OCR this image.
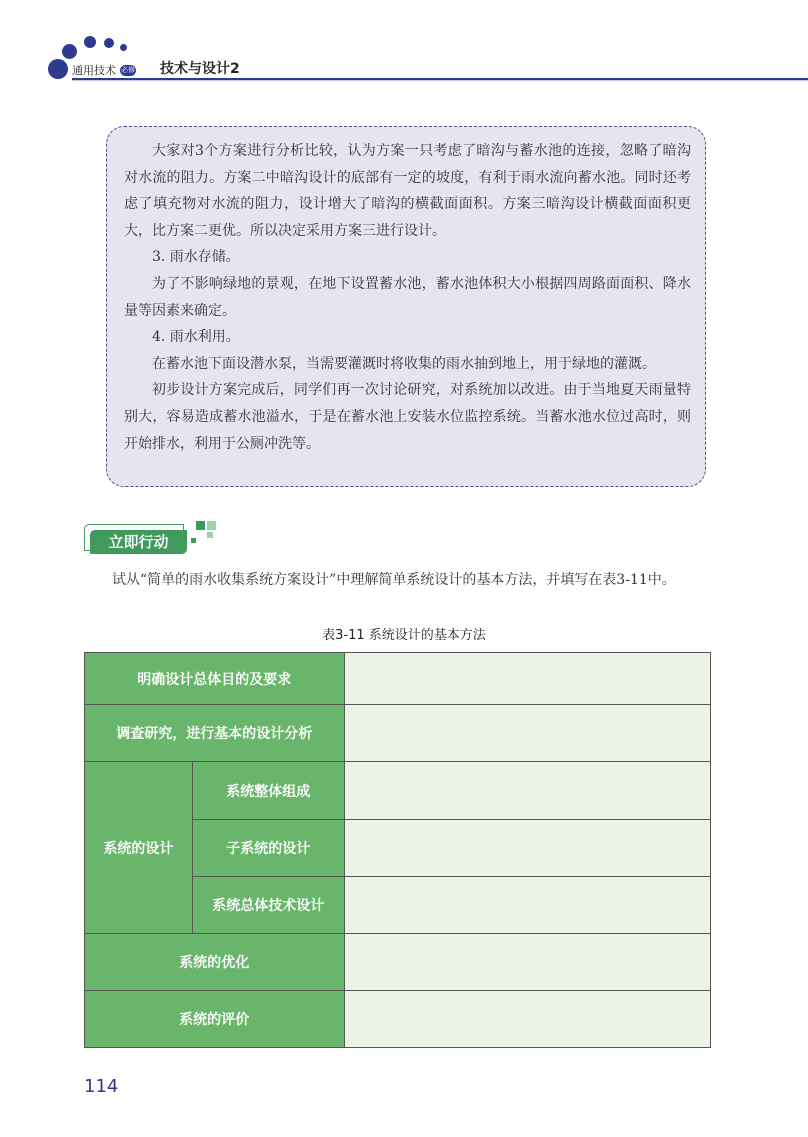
通用技术 必修 技术与设计2

大家对3个方案进行分析比较，认为方案一只考虑了暗沟与蓄水池的连接，忽略了暗沟对水流的阻力。方案二中暗沟设计的底部有一定的坡度，有利于雨水流向蓄水池。同时还考虑了填充物对水流的阻力，设计增大了暗沟的横截面面积。方案三暗沟设计横截面面积更大，比方案二更优。所以决定采用方案三进行设计。

3. 雨水存储。

为了不影响绿地的景观，在地下设置蓄水池，蓄水池体积大小根据四周路面面积、降水量等因素来确定。

4. 雨水利用。

在蓄水池下面设潜水泵，当需要灌溉时将收集的雨水抽到地上，用于绿地的灌溉。

初步设计方案完成后，同学们再一次讨论研究，对系统加以改进。由于当地夏天雨量特别大，容易造成蓄水池溢水，于是在蓄水池上安装水位监控系统。当蓄水池水位过高时，则开始排水，利用于公厕冲洗等。

立即行动

试从“简单的雨水收集系统方案设计”中理解简单系统设计的基本方法，并填写在表3-11中。

表3-11 系统设计的基本方法
明确设计总体目的及要求		
调查研究，进行基本的设计分析		
系统的设计	系统整体组成	
	子系统的设计	
	系统总体技术设计	
系统的优化		
系统的评价		
114
